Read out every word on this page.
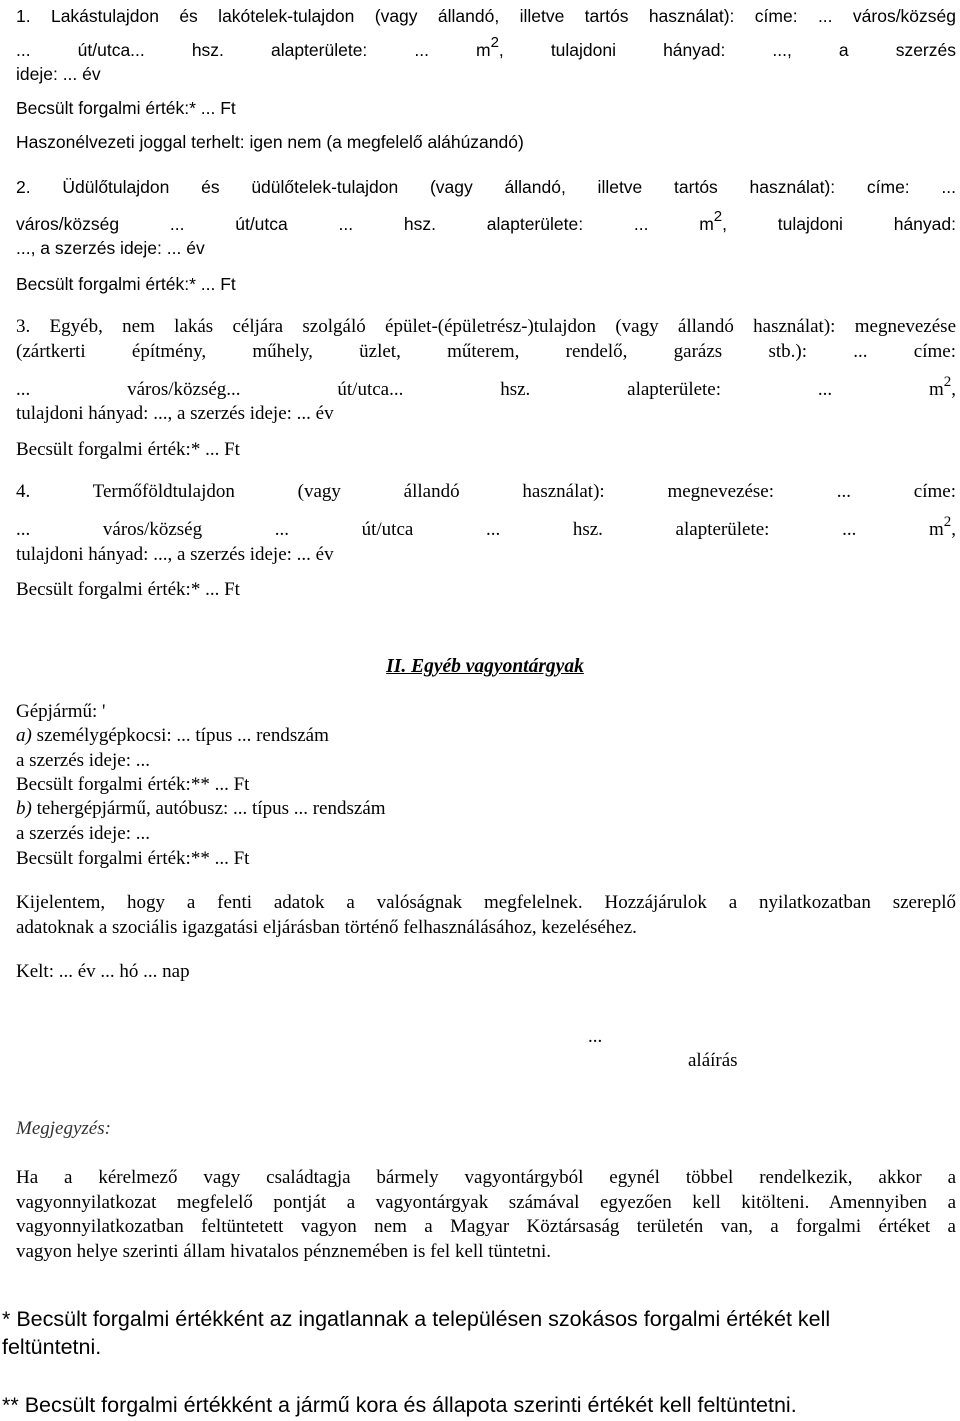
1. Lakástulajdon és lakótelek-tulajdon (vagy állandó, illetve tartós használat): címe: ... város/község
... út/utca... hsz. alapterülete: ... $m^2$, tulajdoni hányad: ..., a szerzés
ideje: ... év
Becsült forgalmi érték:* ... Ft
Haszonélvezeti joggal terhelt: igen nem (a megfelelő aláhúzandó)
2. Üdülőtulajdon és üdülőtelek-tulajdon (vagy állandó, illetve tartós használat): címe: ...
város/község ... út/utca ... hsz. alapterülete: ... $m^2$, tulajdoni hányad:
..., a szerzés ideje: ... év
Becsült forgalmi érték:* ... Ft
3. Egyéb, nem lakás céljára szolgáló épület-(épületrész-)tulajdon (vagy állandó használat): megnevezése
(zártkerti építmény, műhely, üzlet, műterem, rendelő, garázs stb.): ... címe:
... város/község... út/utca... hsz. alapterülete: ... $m^2$,
tulajdoni hányad: ..., a szerzés ideje: ... év
Becsült forgalmi érték:* ... Ft
4. Termőföldtulajdon (vagy állandó használat): megnevezése: ... címe:
... város/község ... út/utca ... hsz. alapterülete: ... $m^2$,
tulajdoni hányad: ..., a szerzés ideje: ... év
Becsült forgalmi érték:* ... Ft
II. Egyéb vagyontárgyak
Gépjármű: '
a) személygépkocsi: ... típus ... rendszám
a szerzés ideje: ...
Becsült forgalmi érték:** ... Ft
b) tehergépjármű, autóbusz: ... típus ... rendszám
a szerzés ideje: ...
Becsült forgalmi érték:** ... Ft
Kijelentem, hogy a fenti adatok a valóságnak megfelelnek. Hozzájárulok a nyilatkozatban szereplő
adatoknak a szociális igazgatási eljárásban történő felhasználásához, kezeléséhez.
Kelt: ... év ... hó ... nap
...
aláírás
Megjegyzés:
Ha a kérelmező vagy családtagja bármely vagyontárgyból egynél többel rendelkezik, akkor a
vagyonnyilatkozat megfelelő pontját a vagyontárgyak számával egyezően kell kitölteni. Amennyiben a
vagyonnyilatkozatban feltüntetett vagyon nem a Magyar Köztársaság területén van, a forgalmi értéket a
vagyon helye szerinti állam hivatalos pénznemében is fel kell tüntetni.
* Becsült forgalmi értékként az ingatlannak a településen szokásos forgalmi értékét kell
feltüntetni.
** Becsült forgalmi értékként a jármű kora és állapota szerinti értékét kell feltüntetni.
